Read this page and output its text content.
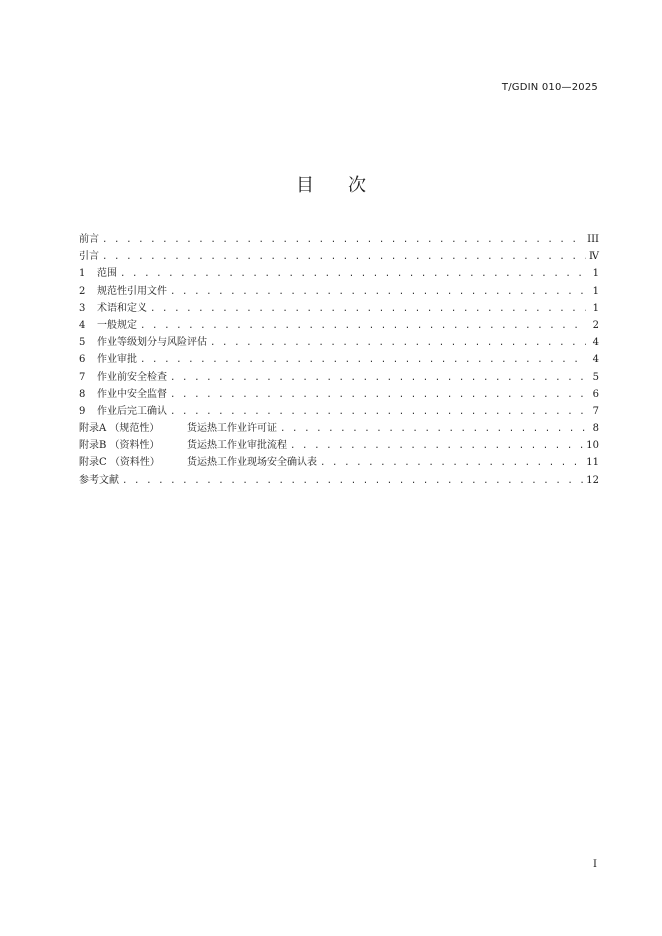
T/GDIN 010—2025
目次
前言 . . .	III
引言 . . .	Ⅳ
1	范围 . . .	1
2	规范性引用文件 . . .	1
3	术语和定义 . . .	1
4	一般规定 . . .	2
5	作业等级划分与风险评估 . . .	4
6	作业审批 . . .	4
7	作业前安全检查 . . .	5
8	作业中安全监督 . . .	6
9	作业后完工确认 . . .	7
附录A （规范性）	货运热工作业许可证 . . .	8
附录B （资料性）	货运热工作业审批流程 . . .	10
附录C （资料性）	货运热工作业现场安全确认表 . . .	11
参考文献 . . .	12
I
